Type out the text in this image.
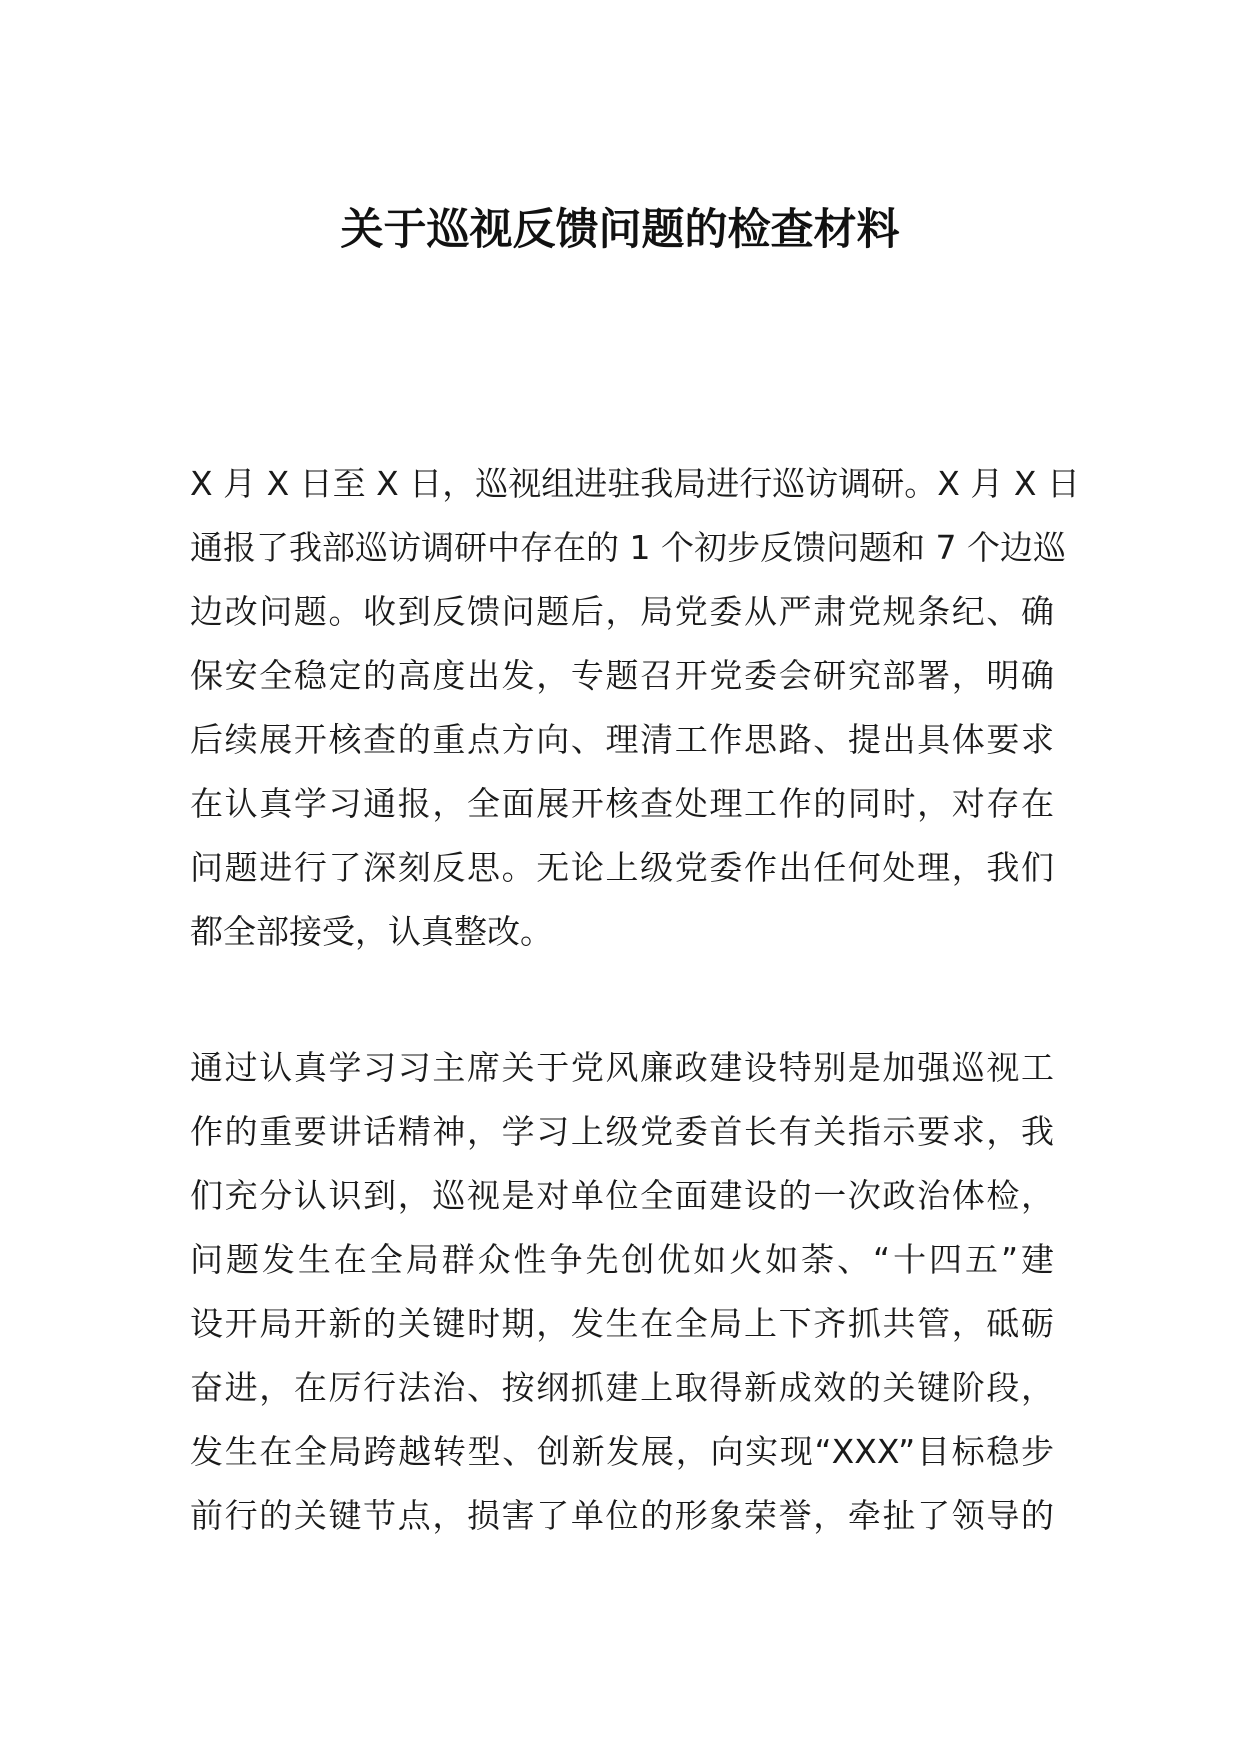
关于巡视反馈问题的检查材料
X 月 X 日至 X 日，巡视组进驻我局进行巡访调研。X 月 X 日
通报了我部巡访调研中存在的 1 个初步反馈问题和 7 个边巡
边改问题。收到反馈问题后，局党委从严肃党规条纪、确
保安全稳定的高度出发，专题召开党委会研究部署，明确
后续展开核查的重点方向、理清工作思路、提出具体要求
在认真学习通报，全面展开核查处理工作的同时，对存在
问题进行了深刻反思。无论上级党委作出任何处理，我们
都全部接受，认真整改。
通过认真学习习主席关于党风廉政建设特别是加强巡视工
作的重要讲话精神，学习上级党委首长有关指示要求，我
们充分认识到，巡视是对单位全面建设的一次政治体检，
问题发生在全局群众性争先创优如火如荼、“十四五”建
设开局开新的关键时期，发生在全局上下齐抓共管，砥砺
奋进，在厉行法治、按纲抓建上取得新成效的关键阶段，
发生在全局跨越转型、创新发展，向实现“XXX”目标稳步
前行的关键节点，损害了单位的形象荣誉，牵扯了领导的
